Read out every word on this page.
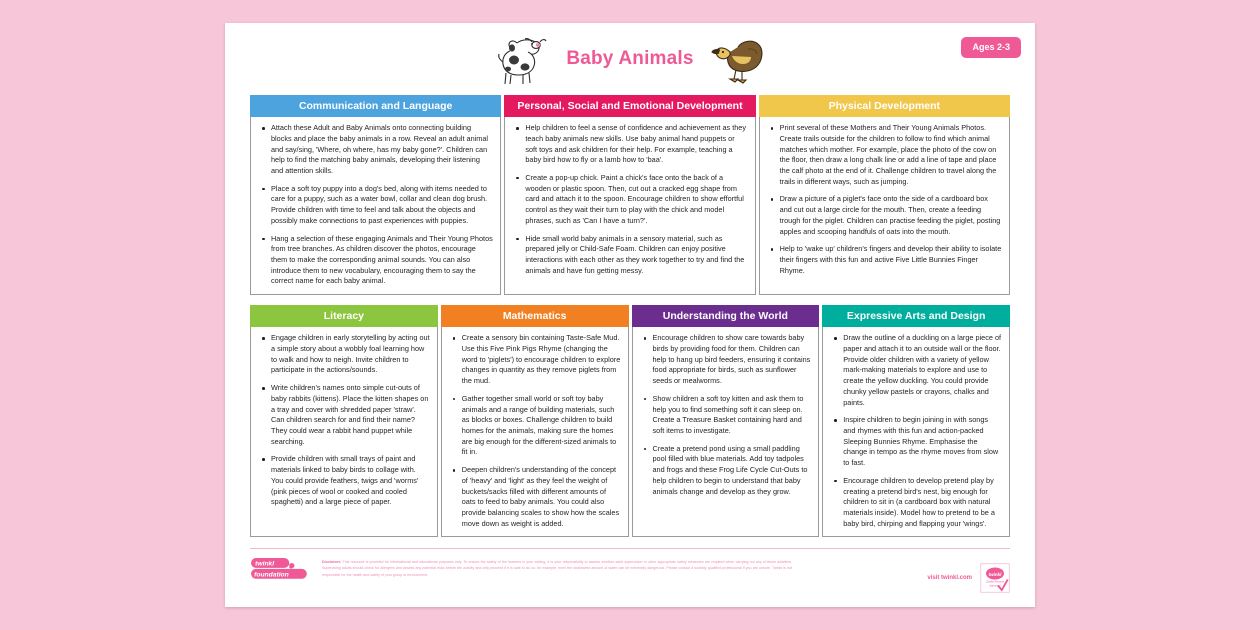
Baby Animals
Ages 2-3
Communication and Language
Attach these Adult and Baby Animals onto connecting building blocks and place the baby animals in a row. Reveal an adult animal and say/sing, 'Where, oh where, has my baby gone?'. Children can help to find the matching baby animals, developing their listening and attention skills.
Place a soft toy puppy into a dog's bed, along with items needed to care for a puppy, such as a water bowl, collar and clean dog brush. Provide children with time to feel and talk about the objects and possibly make connections to past experiences with puppies.
Hang a selection of these engaging Animals and Their Young Photos from tree branches. As children discover the photos, encourage them to make the corresponding animal sounds. You can also introduce them to new vocabulary, encouraging them to say the correct name for each baby animal.
Personal, Social and Emotional Development
Help children to feel a sense of confidence and achievement as they teach baby animals new skills. Use baby animal hand puppets or soft toys and ask children for their help. For example, teaching a baby bird how to fly or a lamb how to 'baa'.
Create a pop-up chick. Paint a chick's face onto the back of a wooden or plastic spoon. Then, cut out a cracked egg shape from card and attach it to the spoon. Encourage children to show effortful control as they wait their turn to play with the chick and model phrases, such as 'Can I have a turn?'.
Hide small world baby animals in a sensory material, such as prepared jelly or Child-Safe Foam. Children can enjoy positive interactions with each other as they work together to try and find the animals and have fun getting messy.
Physical Development
Print several of these Mothers and Their Young Animals Photos. Create trails outside for the children to follow to find which animal matches which mother. For example, place the photo of the cow on the floor, then draw a long chalk line or add a line of tape and place the calf photo at the end of it. Challenge children to travel along the trails in different ways, such as jumping.
Draw a picture of a piglet's face onto the side of a cardboard box and cut out a large circle for the mouth. Then, create a feeding trough for the piglet. Children can practise feeding the piglet, posting apples and scooping handfuls of oats into the mouth.
Help to 'wake up' children's fingers and develop their ability to isolate their fingers with this fun and active Five Little Bunnies Finger Rhyme.
Literacy
Engage children in early storytelling by acting out a simple story about a wobbly foal learning how to walk and how to neigh. Invite children to participate in the actions/sounds.
Write children's names onto simple cut-outs of baby rabbits (kittens). Place the kitten shapes on a tray and cover with shredded paper 'straw'. Can children search for and find their name? They could wear a rabbit hand puppet while searching.
Provide children with small trays of paint and materials linked to baby birds to collage with. You could provide feathers, twigs and 'worms' (pink pieces of wool or cooked and cooled spaghetti) and a large piece of paper.
Mathematics
Create a sensory bin containing Taste-Safe Mud. Use this Five Pink Pigs Rhyme (changing the word to 'piglets') to encourage children to explore changes in quantity as they remove piglets from the mud.
Gather together small world or soft toy baby animals and a range of building materials, such as blocks or boxes. Challenge children to build homes for the animals, making sure the homes are big enough for the different-sized animals to fit in.
Deepen children's understanding of the concept of 'heavy' and 'light' as they feel the weight of buckets/sacks filled with different amounts of oats to feed to baby animals. You could also provide balancing scales to show how the scales move down as weight is added.
Understanding the World
Encourage children to show care towards baby birds by providing food for them. Children can help to hang up bird feeders, ensuring it contains food appropriate for birds, such as sunflower seeds or mealworms.
Show children a soft toy kitten and ask them to help you to find something soft it can sleep on. Create a Treasure Basket containing hard and soft items to investigate.
Create a pretend pond using a small paddling pool filled with blue materials. Add toy tadpoles and frogs and these Frog Life Cycle Cut-Outs to help children to begin to understand that baby animals change and develop as they grow.
Expressive Arts and Design
Draw the outline of a duckling on a large piece of paper and attach it to an outside wall or the floor. Provide older children with a variety of yellow mark-making materials to explore and use to create the yellow duckling. You could provide chunky yellow pastels or crayons, chalks and paints.
Inspire children to begin joining in with songs and rhymes with this fun and action-packed Sleeping Bunnies Rhyme. Emphasise the change in tempo as the rhyme moves from slow to fast.
Encourage children to develop pretend play by creating a pretend bird's nest, big enough for children to sit in (a cardboard box with natural materials inside). Model how to pretend to be a baby bird, chirping and flapping your 'wings'.
twinkl
foundation
Disclaimer: This resource is provided for informational and educational purposes only. To ensure the safety of the learners in your setting, it is your responsibility to assess whether adult supervision or other appropriate safety measures are required when carrying out any of these activities. Supervising adults should check for allergens and assess any potential risks before the activity and only proceed if it is safe to do so, for example, even the shallowest amount of water can be extremely dangerous. Please contact a suitably qualified professional if you are unsure. Twinkl is not responsible for the health and safety of your group or environment.
visit twinkl.com
twinkl
Quality Assured
Approved
